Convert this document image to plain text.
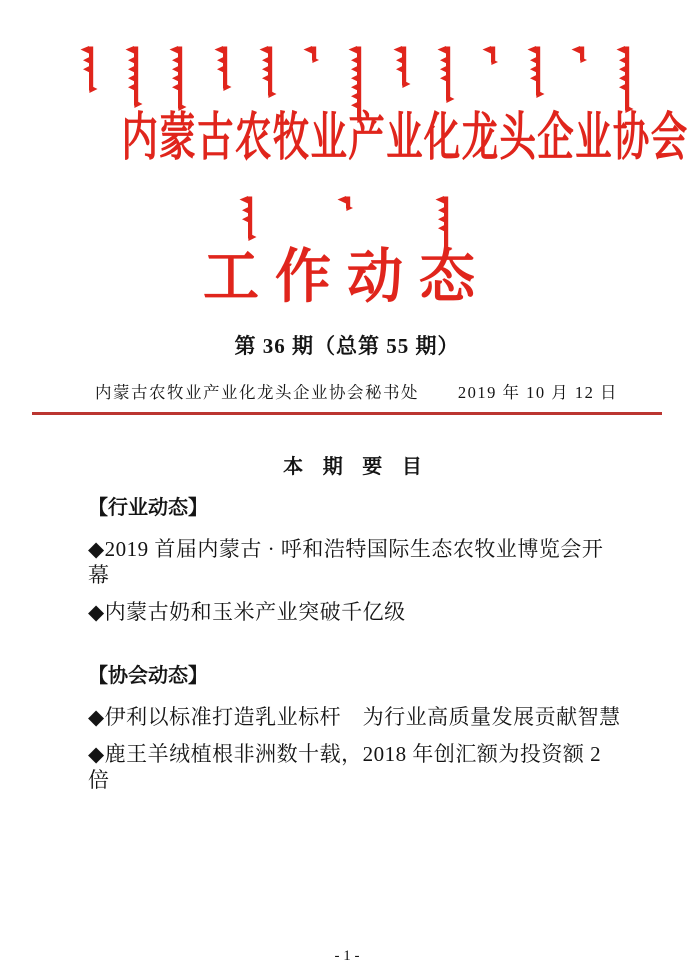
内蒙古农牧业产业化龙头企业协会
工作动态
第 36 期（总第 55 期）
内蒙古农牧业产业化龙头企业协会秘书处 2019 年 10 月 12 日
本 期 要 目
【行业动态】
◆2019 首届内蒙古 · 呼和浩特国际生态农牧业博览会开幕
◆内蒙古奶和玉米产业突破千亿级
【协会动态】
◆伊利以标准打造乳业标杆　为行业高质量发展贡献智慧
◆鹿王羊绒植根非洲数十载，2018 年创汇额为投资额 2 倍
- 1 -
